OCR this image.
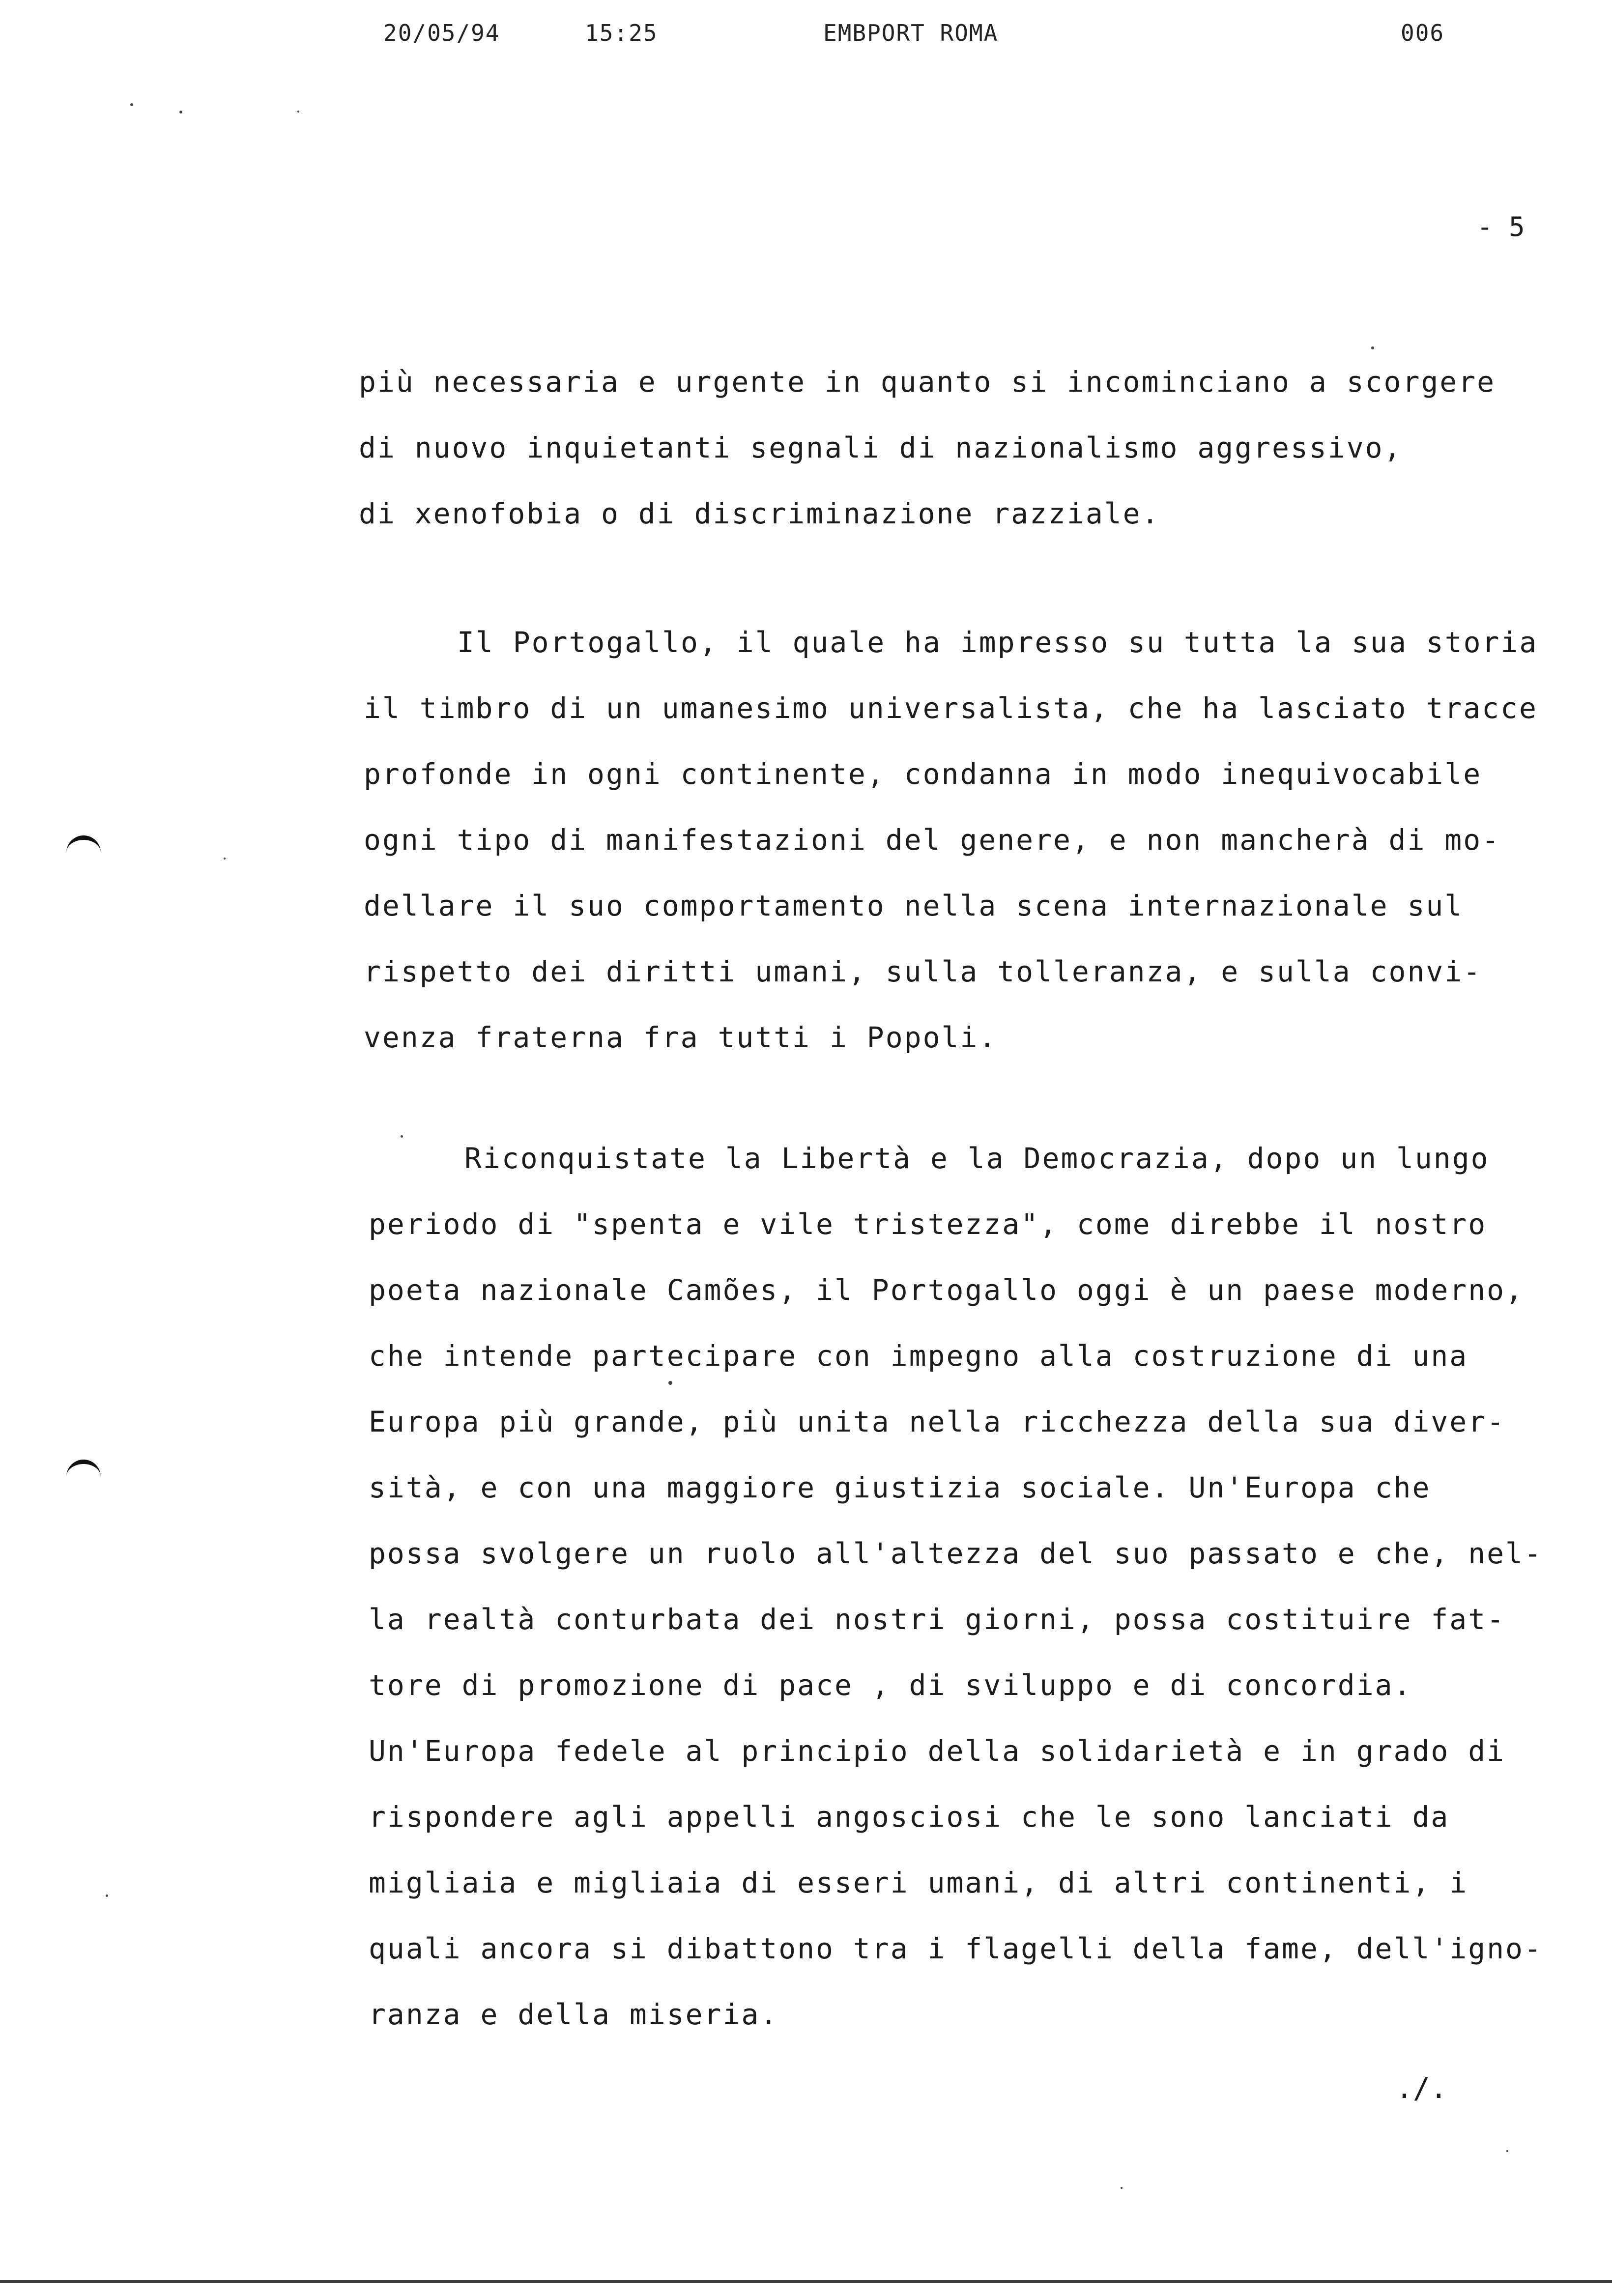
20/05/94	15:25	EMBPORT ROMA	006
- 5
più necessaria e urgente in quanto si incominciano a scorgere
di nuovo inquietanti segnali di nazionalismo aggressivo,
di xenofobia o di discriminazione razziale.
Il Portogallo, il quale ha impresso su tutta la sua storia
il timbro di un umanesimo universalista, che ha lasciato tracce
profonde in ogni continente, condanna in modo inequivocabile
ogni tipo di manifestazioni del genere, e non mancherà di mo-
dellare il suo comportamento nella scena internazionale sul
rispetto dei diritti umani, sulla tolleranza, e sulla convi-
venza fraterna fra tutti i Popoli.
Riconquistate la Libertà e la Democrazia, dopo un lungo
periodo di "spenta e vile tristezza", come direbbe il nostro
poeta nazionale Camões, il Portogallo oggi è un paese moderno,
che intende partecipare con impegno alla costruzione di una
Europa più grande, più unita nella ricchezza della sua diver-
sità, e con una maggiore giustizia sociale. Un'Europa che
possa svolgere un ruolo all'altezza del suo passato e che, nel-
la realtà conturbata dei nostri giorni, possa costituire fat-
tore di promozione di pace , di sviluppo e di concordia.
Un'Europa fedele al principio della solidarietà e in grado di
rispondere agli appelli angosciosi che le sono lanciati da
migliaia e migliaia di esseri umani, di altri continenti, i
quali ancora si dibattono tra i flagelli della fame, dell'igno-
ranza e della miseria.
./.
